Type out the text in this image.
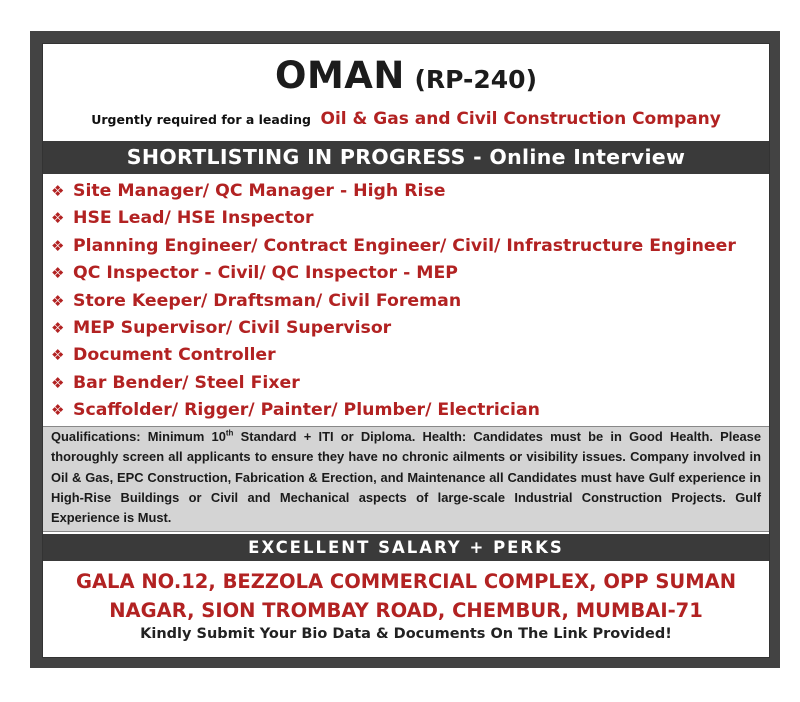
OMAN (RP-240)
Urgently required for a leading Oil & Gas and Civil Construction Company
SHORTLISTING IN PROGRESS - Online Interview
❖ Site Manager/ QC Manager - High Rise
❖ HSE Lead/ HSE Inspector
❖ Planning Engineer/ Contract Engineer/ Civil/ Infrastructure Engineer
❖ QC Inspector - Civil/ QC Inspector - MEP
❖ Store Keeper/ Draftsman/ Civil Foreman
❖ MEP Supervisor/ Civil Supervisor
❖ Document Controller
❖ Bar Bender/ Steel Fixer
❖ Scaffolder/ Rigger/ Painter/ Plumber/ Electrician
Qualifications: Minimum 10th Standard + ITI or Diploma. Health: Candidates must be in Good Health. Please thoroughly screen all applicants to ensure they have no chronic ailments or visibility issues. Company involved in Oil & Gas, EPC Construction, Fabrication & Erection, and Maintenance all Candidates must have Gulf experience in High-Rise Buildings or Civil and Mechanical aspects of large-scale Industrial Construction Projects. Gulf Experience is Must.
EXCELLENT SALARY + PERKS
GALA NO.12, BEZZOLA COMMERCIAL COMPLEX, OPP SUMAN
NAGAR, SION TROMBAY ROAD, CHEMBUR, MUMBAI-71
Kindly Submit Your Bio Data & Documents On The Link Provided!
